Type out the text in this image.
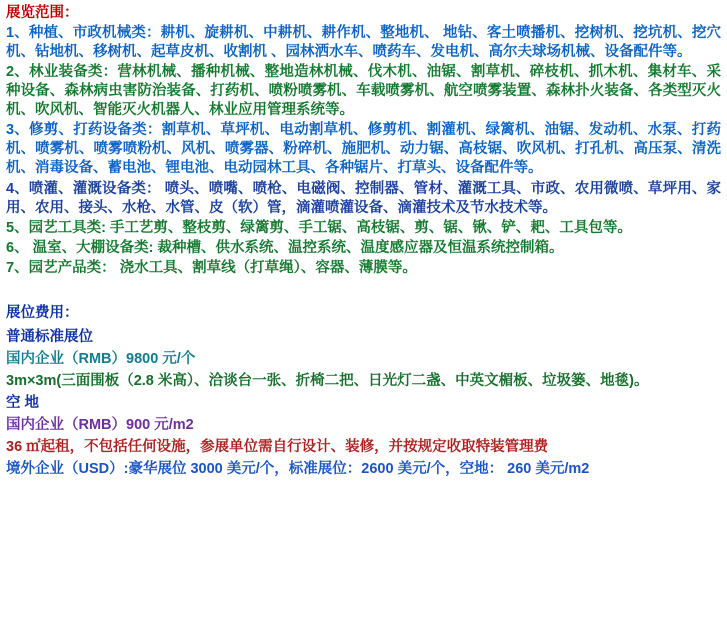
展览范围：

1、种植、市政机械类：耕机、旋耕机、中耕机、耕作机、整地机、 地钻、客土喷播机、挖树机、挖坑机、挖穴机、钻地机、移树机、起草皮机、收割机 、园林洒水车、喷药车、发电机、高尔夫球场机械、设备配件等。

2、林业装备类：营林机械、播种机械、整地造林机械、伐木机、油锯、割草机、碎枝机、抓木机、集材车、采种设备、森林病虫害防治装备、打药机、喷粉喷雾机、车载喷雾机、航空喷雾装置、森林扑火装备、各类型灭火机、吹风机、智能灭火机器人、林业应用管理系统等。

3、修剪、打药设备类：割草机、草坪机、电动割草机、修剪机、割灌机、绿篱机、油锯、发动机、水泵、打药机、喷雾机、喷雾喷粉机、风机、喷雾器、粉碎机、施肥机、动力锯、高枝锯、吹风机、打孔机、高压泵、清洗机、消毒设备、蓄电池、锂电池、电动园林工具、各种锯片、打草头、设备配件等。

4、喷灌、灌溉设备类： 喷头、喷嘴、喷枪、电磁阀、控制器、管材、灌溉工具、市政、农用微喷、草坪用、家用、农用、接头、水枪、水管、皮（软）管，滴灌喷灌设备、滴灌技术及节水技术等。

5、园艺工具类: 手工艺剪、整枝剪、绿篱剪、手工锯、高枝锯、剪、锯、锹、铲、耙、工具包等。

6、 温室、大棚设备类: 裁种槽、供水系统、温控系统、温度感应器及恒温系统控制箱。

7、园艺产品类： 浇水工具、割草线（打草绳）、容器、薄膜等。

展位费用：

普通标准展位

国内企业（RMB）9800 元/个

3m×3m(三面围板（2.8 米高）、洽谈台一张、折椅二把、日光灯二盏、中英文楣板、垃圾篓、地毯)。

空 地

国内企业（RMB）900 元/m2

36 ㎡起租，不包括任何设施，参展单位需自行设计、装修，并按规定收取特装管理费

境外企业（USD）:豪华展位 3000 美元/个，标准展位：2600 美元/个，空地： 260 美元/m2
